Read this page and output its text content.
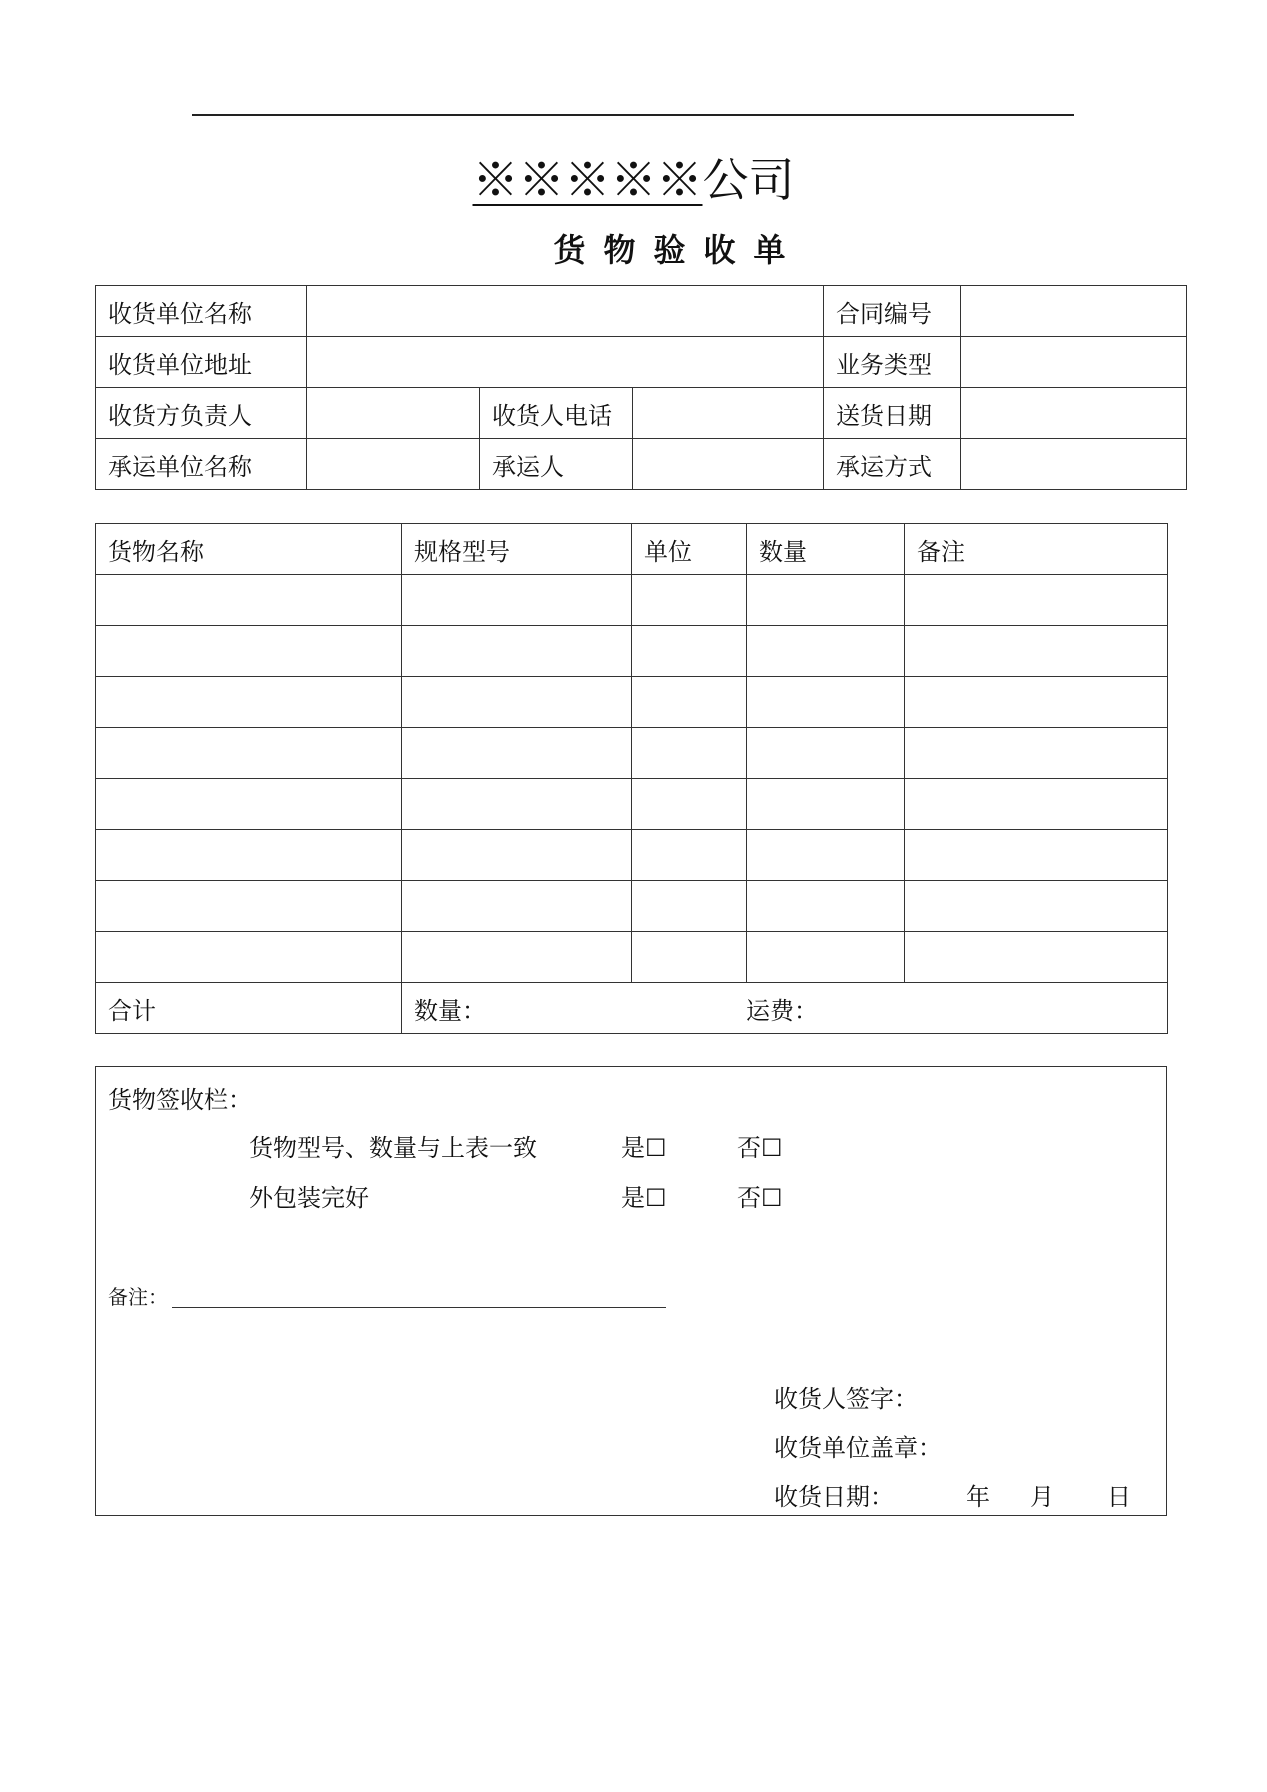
※※※※※公司
货物验收单
收货单位名称				合同编号	
收货单位地址				业务类型	
收货方负责人		收货人电话		送货日期	
承运单位名称		承运人		承运方式	
货物名称	规格型号	单位	数量	备注

合计	数量： 运费：			
货物签收栏：
货物型号、数量与上表一致	是☐	否☐
外包装完好	是☐	否☐
备注：
收货人签字：
收货单位盖章：
收货日期：	年 月 日
